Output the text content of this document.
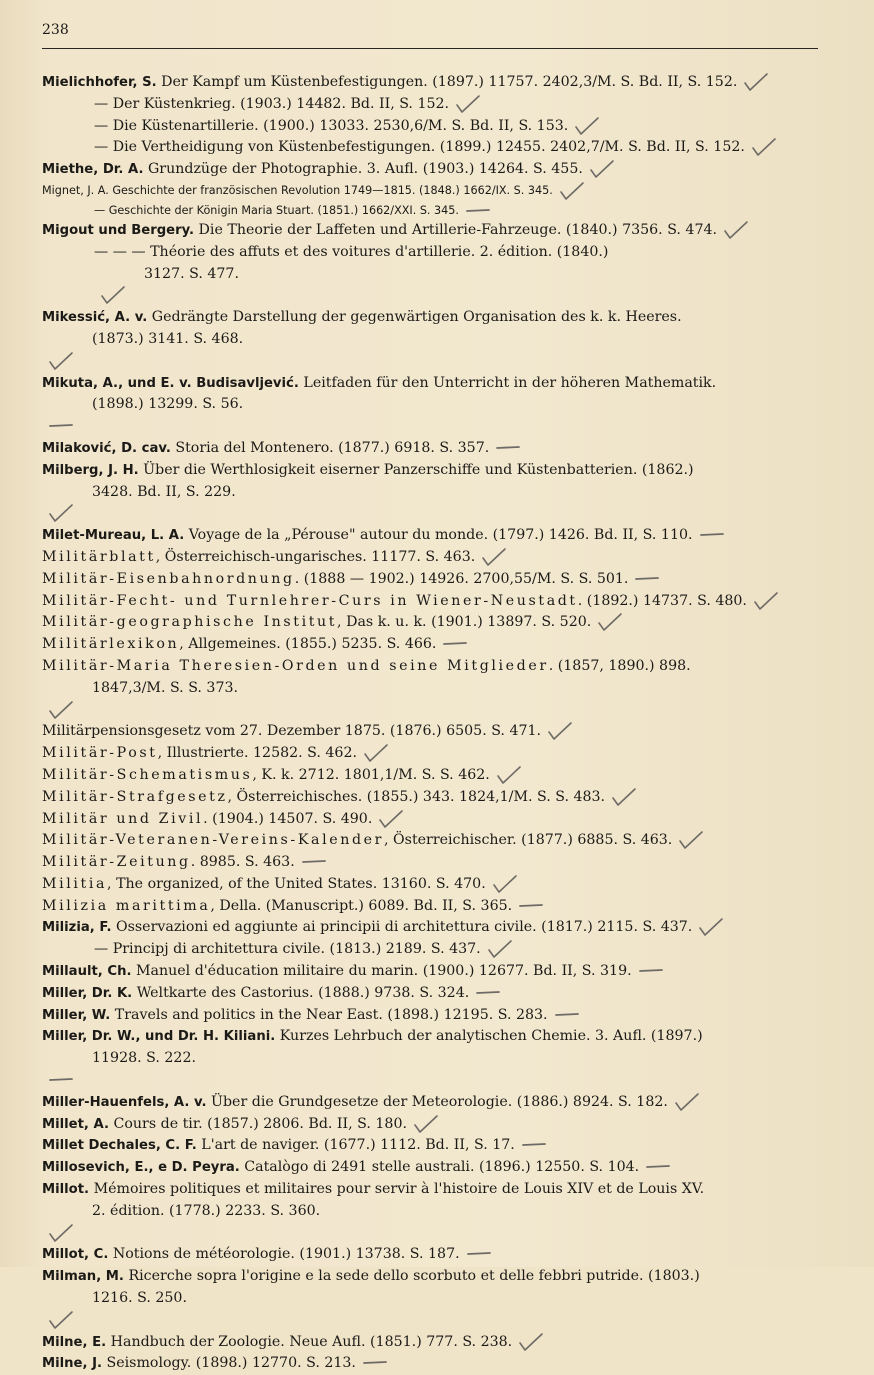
238
Mielichhofer, S. Der Kampf um Küstenbefestigungen. (1897.) 11757. 2402,3/M. S. Bd. II, S. 152.
— Der Küstenkrieg. (1903.) 14482. Bd. II, S. 152.
— Die Küstenartillerie. (1900.) 13033. 2530,6/M. S. Bd. II, S. 153.
— Die Vertheidigung von Küstenbefestigungen. (1899.) 12455. 2402,7/M. S. Bd. II, S. 152.
Miethe, Dr. A. Grundzüge der Photographie. 3. Aufl. (1903.) 14264. S. 455.
Mignet, J. A. Geschichte der französischen Revolution 1749—1815. (1848.) 1662/IX. S. 345.
— Geschichte der Königin Maria Stuart. (1851.) 1662/XXI. S. 345.
Migout und Bergery. Die Theorie der Laffeten und Artillerie-Fahrzeuge. (1840.) 7356. S. 474.
— — — Théorie des affuts et des voitures d'artillerie. 2. édition. (1840.)
3127. S. 477.
Mikessić, A. v. Gedrängte Darstellung der gegenwärtigen Organisation des k. k. Heeres.
(1873.) 3141. S. 468.
Mikuta, A., und E. v. Budisavljević. Leitfaden für den Unterricht in der höheren Mathematik.
(1898.) 13299. S. 56.
Milaković, D. cav. Storia del Montenero. (1877.) 6918. S. 357.
Milberg, J. H. Über die Werthlosigkeit eiserner Panzerschiffe und Küstenbatterien. (1862.)
3428. Bd. II, S. 229.
Milet-Mureau, L. A. Voyage de la „Pérouse" autour du monde. (1797.) 1426. Bd. II, S. 110.
Militärblatt, Österreichisch-ungarisches. 11177. S. 463.
Militär-Eisenbahnordnung. (1888 — 1902.) 14926. 2700,55/M. S. S. 501.
Militär-Fecht- und Turnlehrer-Curs in Wiener-Neustadt. (1892.) 14737. S. 480.
Militär-geographische Institut, Das k. u. k. (1901.) 13897. S. 520.
Militärlexikon, Allgemeines. (1855.) 5235. S. 466.
Militär-Maria Theresien-Orden und seine Mitglieder. (1857, 1890.) 898.
1847,3/M. S. S. 373.
Militärpensionsgesetz vom 27. Dezember 1875. (1876.) 6505. S. 471.
Militär-Post, Illustrierte. 12582. S. 462.
Militär-Schematismus, K. k. 2712. 1801,1/M. S. S. 462.
Militär-Strafgesetz, Österreichisches. (1855.) 343. 1824,1/M. S. S. 483.
Militär und Zivil. (1904.) 14507. S. 490.
Militär-Veteranen-Vereins-Kalender, Österreichischer. (1877.) 6885. S. 463.
Militär-Zeitung. 8985. S. 463.
Militia, The organized, of the United States. 13160. S. 470.
Milizia marittima, Della. (Manuscript.) 6089. Bd. II, S. 365.
Milizia, F. Osservazioni ed aggiunte ai principii di architettura civile. (1817.) 2115. S. 437.
— Principj di architettura civile. (1813.) 2189. S. 437.
Millault, Ch. Manuel d'éducation militaire du marin. (1900.) 12677. Bd. II, S. 319.
Miller, Dr. K. Weltkarte des Castorius. (1888.) 9738. S. 324.
Miller, W. Travels and politics in the Near East. (1898.) 12195. S. 283.
Miller, Dr. W., und Dr. H. Kiliani. Kurzes Lehrbuch der analytischen Chemie. 3. Aufl. (1897.)
11928. S. 222.
Miller-Hauenfels, A. v. Über die Grundgesetze der Meteorologie. (1886.) 8924. S. 182.
Millet, A. Cours de tir. (1857.) 2806. Bd. II, S. 180.
Millet Dechales, C. F. L'art de naviger. (1677.) 1112. Bd. II, S. 17.
Millosevich, E., e D. Peyra. Catalògo di 2491 stelle australi. (1896.) 12550. S. 104.
Millot. Mémoires politiques et militaires pour servir à l'histoire de Louis XIV et de Louis XV.
2. édition. (1778.) 2233. S. 360.
Millot, C. Notions de météorologie. (1901.) 13738. S. 187.
Milman, M. Ricerche sopra l'origine e la sede dello scorbuto et delle febbri putride. (1803.)
1216. S. 250.
Milne, E. Handbuch der Zoologie. Neue Aufl. (1851.) 777. S. 238.
Milne, J. Seismology. (1898.) 12770. S. 213.
